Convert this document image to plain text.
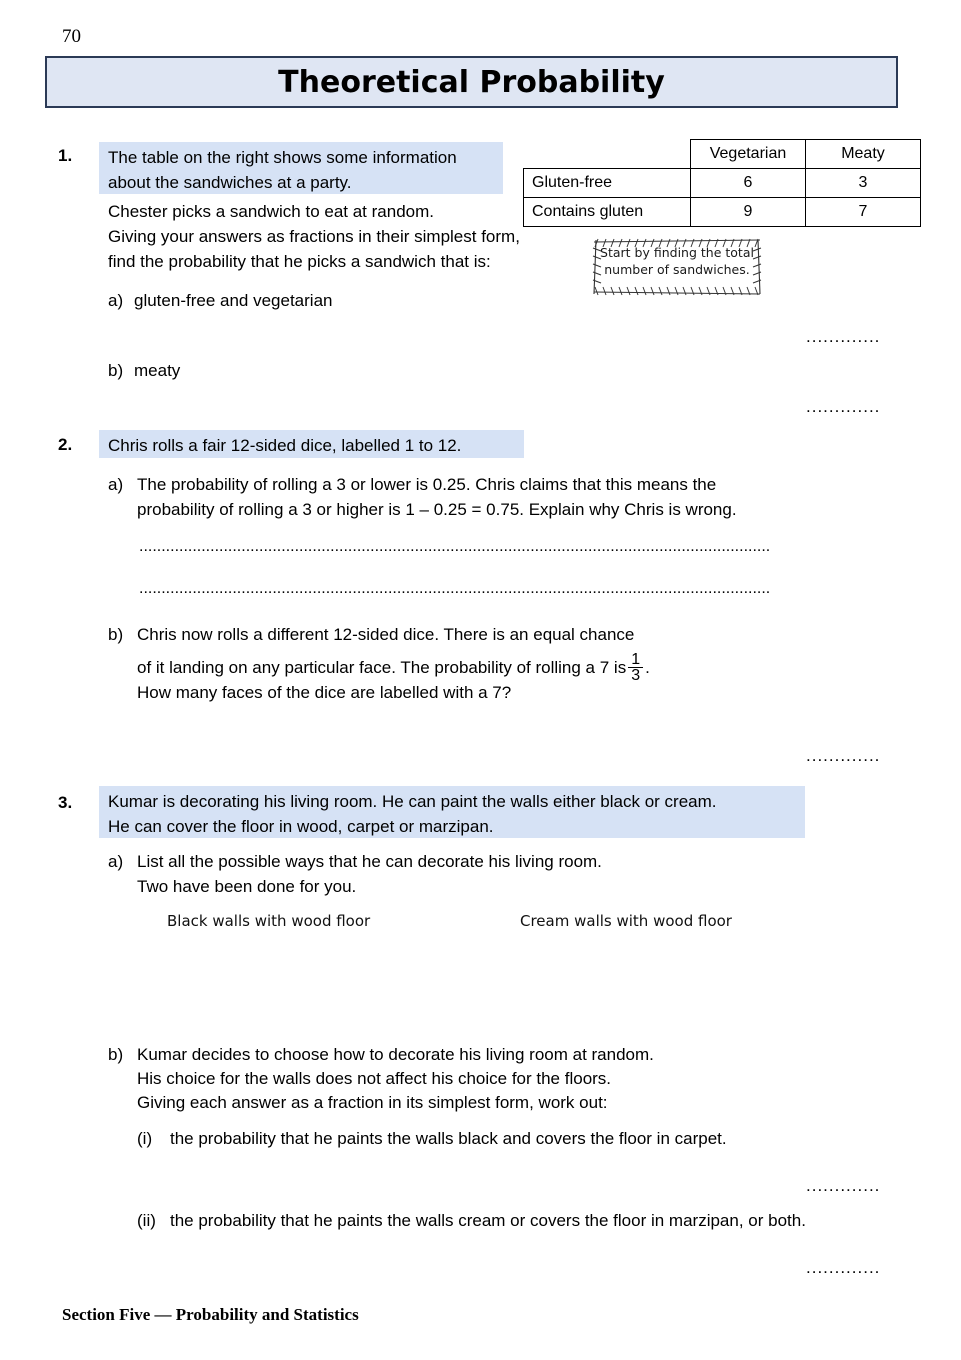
70
Theoretical Probability
1. The table on the right shows some information about the sandwiches at a party.
Chester picks a sandwich to eat at random.
Giving your answers as fractions in their simplest form,
find the probability that he picks a sandwich that is:
a) gluten-free and vegetarian
.............
b) meaty
.............
	Vegetarian	Meaty
Gluten-free	6	3
Contains gluten	9	7
Start by finding the total number of sandwiches.
2. Chris rolls a fair 12-sided dice, labelled 1 to 12.
a) The probability of rolling a 3 or lower is 0.25. Chris claims that this means the
probability of rolling a 3 or higher is 1 – 0.25 = 0.75. Explain why Chris is wrong.
..............................................................................................................................................
..............................................................................................................................................
b) Chris now rolls a different 12-sided dice. There is an equal chance
of it landing on any particular face. The probability of rolling a 7 is $\frac{1}{3}$ .
How many faces of the dice are labelled with a 7?
.............
3. Kumar is decorating his living room. He can paint the walls either black or cream.
He can cover the floor in wood, carpet or marzipan.
a) List all the possible ways that he can decorate his living room.
Two have been done for you.
Black walls with wood floor	Cream walls with wood floor
b) Kumar decides to choose how to decorate his living room at random.
His choice for the walls does not affect his choice for the floors.
Giving each answer as a fraction in its simplest form, work out:
(i) the probability that he paints the walls black and covers the floor in carpet.
.............
(ii) the probability that he paints the walls cream or covers the floor in marzipan, or both.
.............
Section Five — Probability and Statistics
